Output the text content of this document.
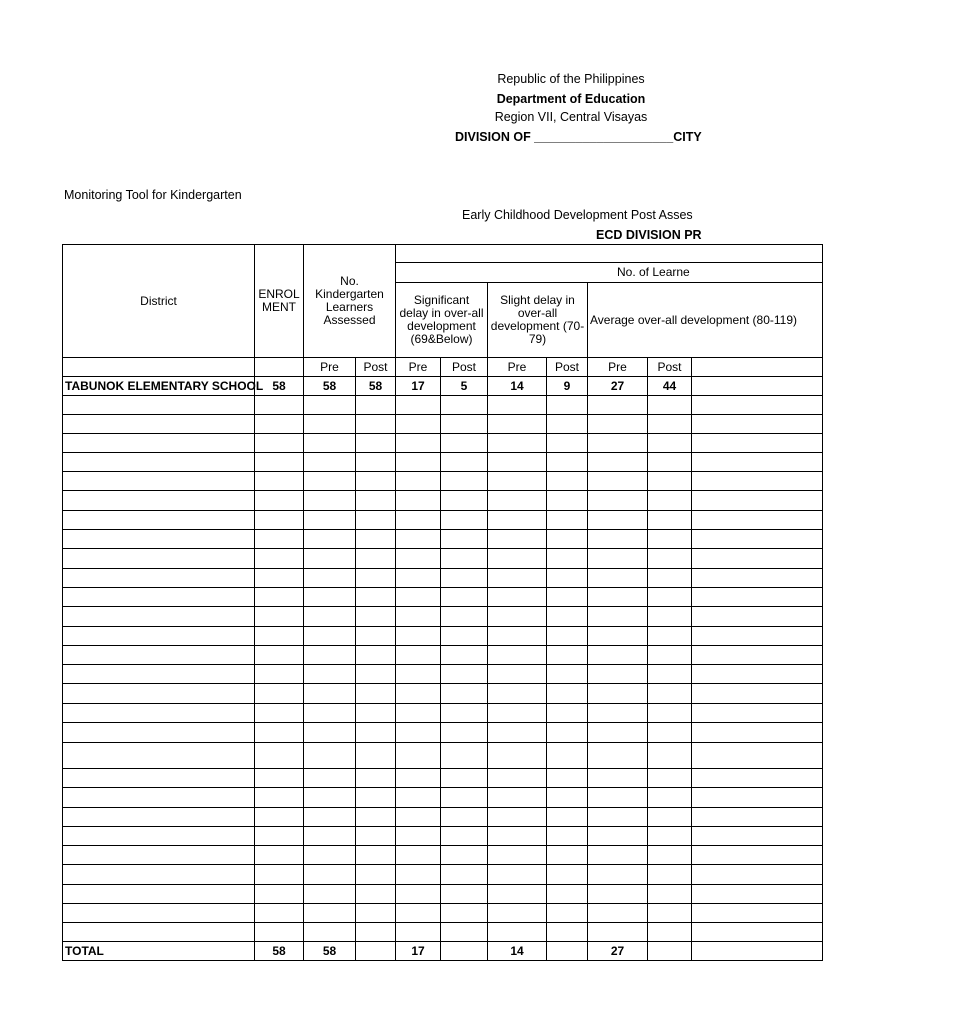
Republic of the Philippines
Department of Education
Region VII, Central Visayas
DIVISION OF ____________________CITY
Monitoring Tool for Kindergarten
Early Childhood Development Post Asses
ECD DIVISION PR
District	ENROL MENT	No. Kindergarten Learners Assessed								
				No. of Learne						
				Significant delay in over-all development (69&Below)		Slight delay in over-all development (70-79)		Average over-all development (80-119)		
		Pre	Post	Pre	Post	Pre	Post	Pre	Post	
TABUNOK ELEMENTARY SCHOOL	58	58	58	17	5	14	9	27	44	

TOTAL	58	58		17		14		27		
